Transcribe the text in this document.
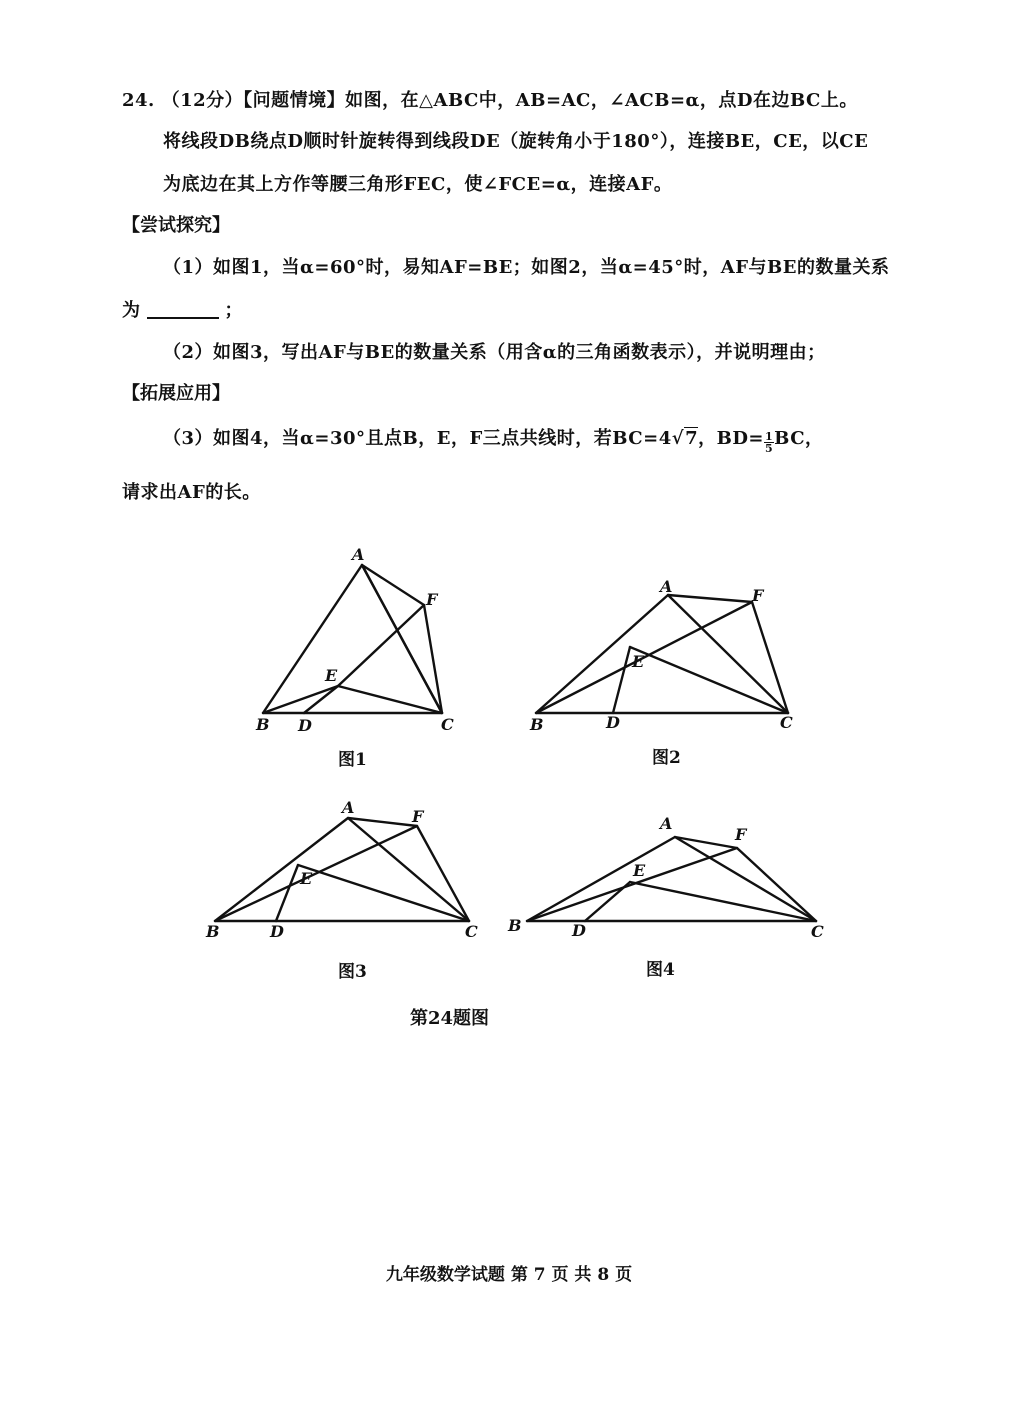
24. （12分）【问题情境】如图，在△ABC中，AB=AC，∠ACB=α，点D在边BC上。
将线段DB绕点D顺时针旋转得到线段DE（旋转角小于180°），连接BE，CE，以CE
为底边在其上方作等腰三角形FEC，使∠FCE=α，连接AF。
【尝试探究】
（1）如图1，当α=60°时，易知AF=BE；如图2，当α=45°时，AF与BE的数量关系
为	；
（2）如图3，写出AF与BE的数量关系（用含α的三角函数表示），并说明理由；
【拓展应用】
（3）如图4，当α=30°且点B，E，F三点共线时，若BC=4√7，$BD= \frac{1}{5}$ BC，
请求出AF的长。
A
B	C
D
E
F
图1
A
B	C
D
E
F
图2
A
B	C
D
E
F
图3
A
B	C
D
E
F
图4
第24题图
九年级数学试题 第 7 页 共 8 页
